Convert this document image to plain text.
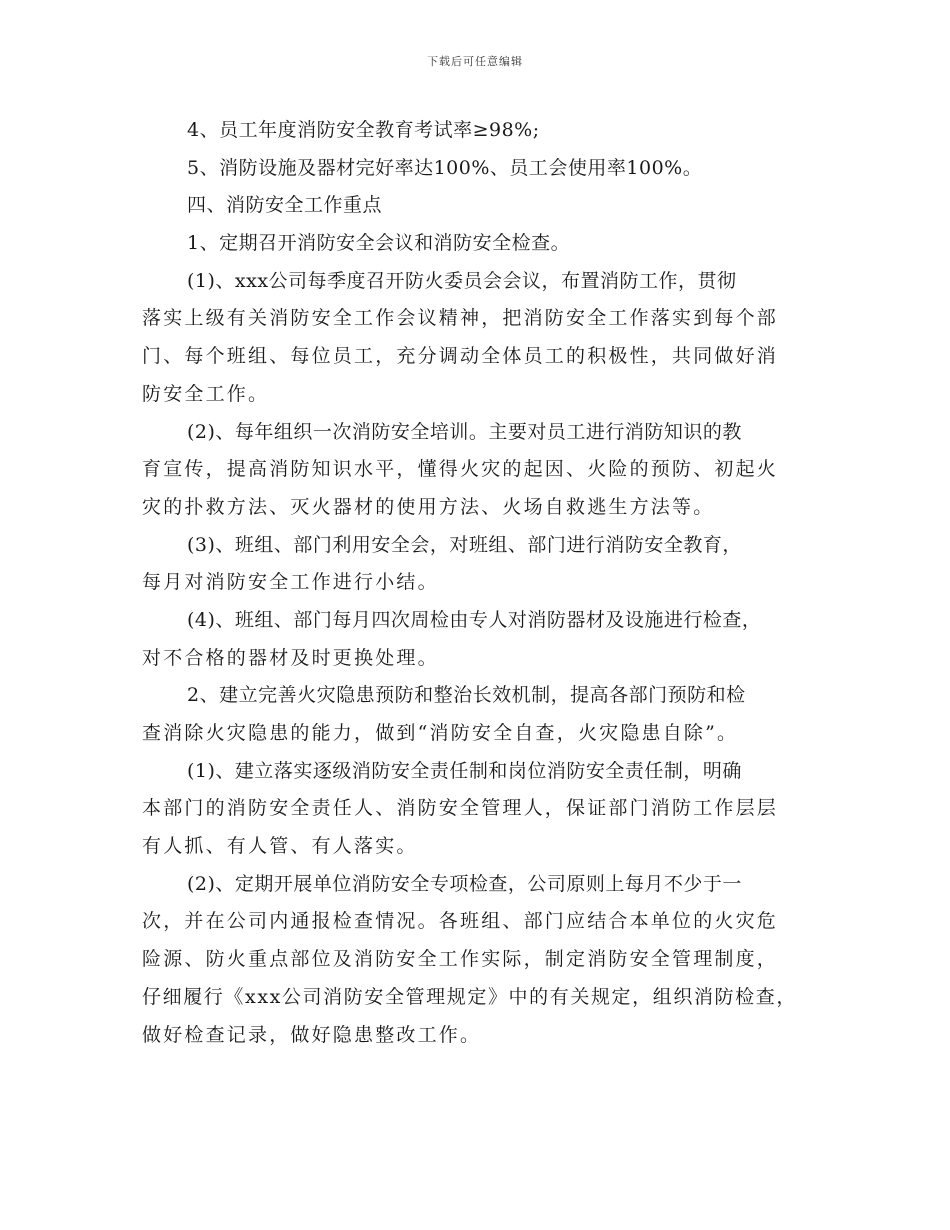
下载后可任意编辑
4、员工年度消防安全教育考试率≥98%;
5、消防设施及器材完好率达100%、员工会使用率100%。
四、消防安全工作重点
1、定期召开消防安全会议和消防安全检查。
(1)、xxx公司每季度召开防火委员会会议，布置消防工作，贯彻
落实上级有关消防安全工作会议精神，把消防安全工作落实到每个部
门、每个班组、每位员工，充分调动全体员工的积极性，共同做好消
防安全工作。
(2)、每年组织一次消防安全培训。主要对员工进行消防知识的教
育宣传，提高消防知识水平，懂得火灾的起因、火险的预防、初起火
灾的扑救方法、灭火器材的使用方法、火场自救逃生方法等。
(3)、班组、部门利用安全会，对班组、部门进行消防安全教育，
每月对消防安全工作进行小结。
(4)、班组、部门每月四次周检由专人对消防器材及设施进行检查，
对不合格的器材及时更换处理。
2、建立完善火灾隐患预防和整治长效机制，提高各部门预防和检
查消除火灾隐患的能力，做到“消防安全自查，火灾隐患自除”。
(1)、建立落实逐级消防安全责任制和岗位消防安全责任制，明确
本部门的消防安全责任人、消防安全管理人，保证部门消防工作层层
有人抓、有人管、有人落实。
(2)、定期开展单位消防安全专项检查，公司原则上每月不少于一
次，并在公司内通报检查情况。各班组、部门应结合本单位的火灾危
险源、防火重点部位及消防安全工作实际，制定消防安全管理制度，
仔细履行《xxx公司消防安全管理规定》中的有关规定，组织消防检查，
做好检查记录，做好隐患整改工作。
